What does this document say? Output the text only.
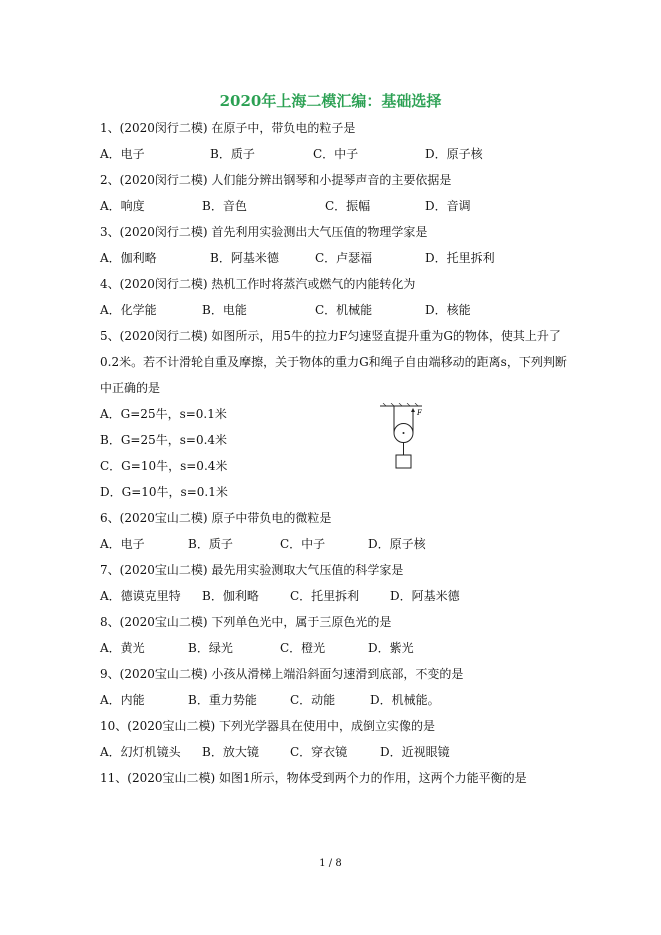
2020年上海二模汇编：基础选择
1、(2020闵行二模) 在原子中，带负电的粒子是
A．电子	B．质子	C．中子	D．原子核
2、(2020闵行二模) 人们能分辨出钢琴和小提琴声音的主要依据是
A．响度	B．音色	C．振幅	D．音调
3、(2020闵行二模) 首先利用实验测出大气压值的物理学家是
A．伽利略	B．阿基米德	C．卢瑟福	D．托里拆利
4、(2020闵行二模) 热机工作时将蒸汽或燃气的内能转化为
A．化学能	B．电能	C．机械能	D．核能
5、(2020闵行二模) 如图所示，用5牛的拉力F匀速竖直提升重为G的物体，使其上升了
0.2米。若不计滑轮自重及摩擦，关于物体的重力G和绳子自由端移动的距离s，下列判断
中正确的是
A．G=25牛，s=0.1米
B．G=25牛，s=0.4米
C．G=10牛，s=0.4米
D．G=10牛，s=0.1米
F
6、(2020宝山二模) 原子中带负电的微粒是
A．电子	B．质子	C．中子	D．原子核
7、(2020宝山二模) 最先用实验测取大气压值的科学家是
A．德谟克里特 B．伽利略	C．托里拆利	D．阿基米德
8、(2020宝山二模) 下列单色光中，属于三原色光的是
A．黄光	B．绿光	C．橙光	D．紫光
9、(2020宝山二模) 小孩从滑梯上端沿斜面匀速滑到底部，不变的是
A．内能	B．重力势能	C．动能	D．机械能。
10、(2020宝山二模) 下列光学器具在使用中，成倒立实像的是
A．幻灯机镜头 B．放大镜	C．穿衣镜	D．近视眼镜
11、(2020宝山二模) 如图1所示，物体受到两个力的作用，这两个力能平衡的是
1 / 8
